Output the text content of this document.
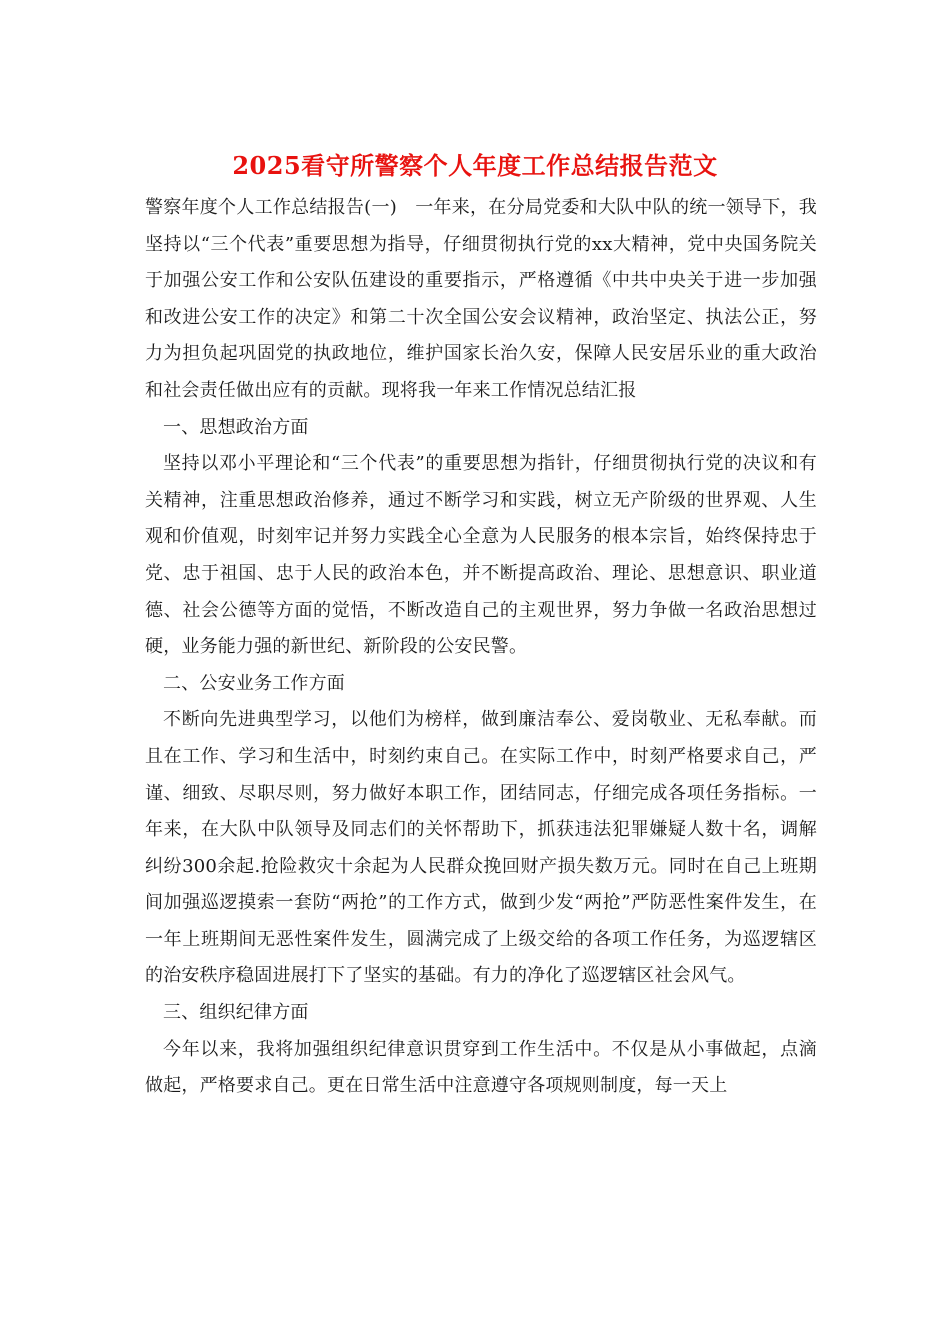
2025看守所警察个人年度工作总结报告范文

警察年度个人工作总结报告(一)　一年来，在分局党委和大队中队的统一领导下，我坚持以“三个代表”重要思想为指导，仔细贯彻执行党的xx大精神，党中央国务院关于加强公安工作和公安队伍建设的重要指示，严格遵循《中共中央关于进一步加强和改进公安工作的决定》和第二十次全国公安会议精神，政治坚定、执法公正，努力为担负起巩固党的执政地位，维护国家长治久安，保障人民安居乐业的重大政治和社会责任做出应有的贡献。现将我一年来工作情况总结汇报

一、思想政治方面

坚持以邓小平理论和“三个代表”的重要思想为指针，仔细贯彻执行党的决议和有关精神，注重思想政治修养，通过不断学习和实践，树立无产阶级的世界观、人生观和价值观，时刻牢记并努力实践全心全意为人民服务的根本宗旨，始终保持忠于党、忠于祖国、忠于人民的政治本色，并不断提高政治、理论、思想意识、职业道德、社会公德等方面的觉悟，不断改造自己的主观世界，努力争做一名政治思想过硬，业务能力强的新世纪、新阶段的公安民警。

二、公安业务工作方面

不断向先进典型学习，以他们为榜样，做到廉洁奉公、爱岗敬业、无私奉献。而且在工作、学习和生活中，时刻约束自己。在实际工作中，时刻严格要求自己，严谨、细致、尽职尽则，努力做好本职工作，团结同志，仔细完成各项任务指标。一年来，在大队中队领导及同志们的关怀帮助下，抓获违法犯罪嫌疑人数十名，调解纠纷300余起.抢险救灾十余起为人民群众挽回财产损失数万元。同时在自己上班期间加强巡逻摸索一套防“两抢”的工作方式，做到少发“两抢”严防恶性案件发生，在一年上班期间无恶性案件发生，圆满完成了上级交给的各项工作任务，为巡逻辖区的治安秩序稳固进展打下了坚实的基础。有力的净化了巡逻辖区社会风气。

三、组织纪律方面

今年以来，我将加强组织纪律意识贯穿到工作生活中。不仅是从小事做起，点滴做起，严格要求自己。更在日常生活中注意遵守各项规则制度，每一天上
